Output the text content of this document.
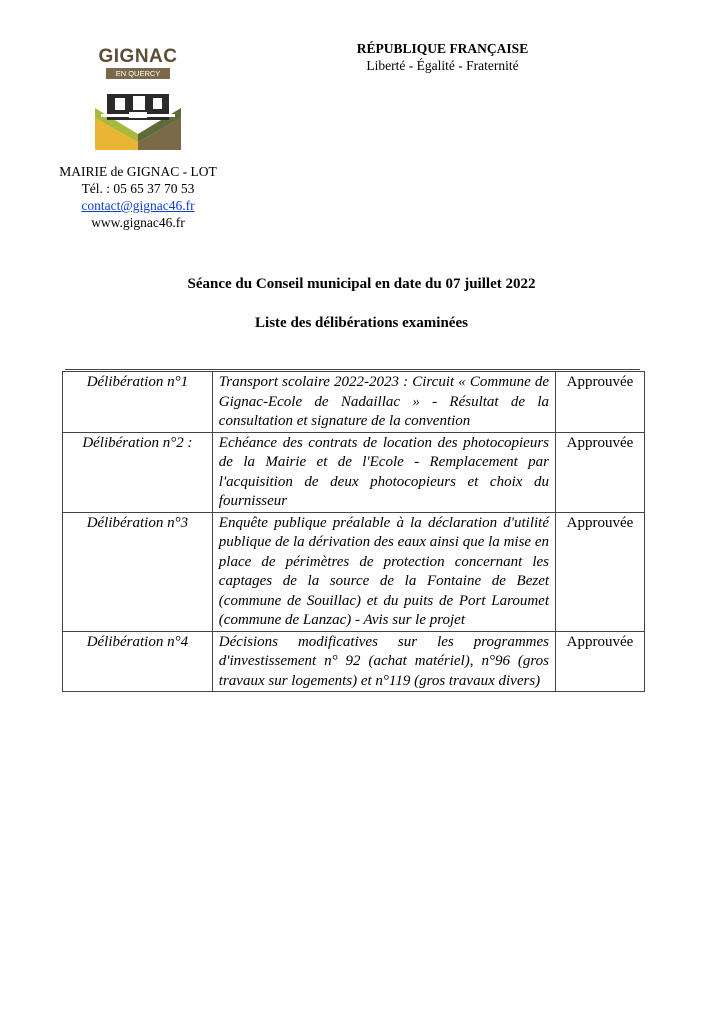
GIGNAC
EN QUERCY
MAIRIE de GIGNAC - LOT
Tél. : 05 65 37 70 53
contact@gignac46.fr
www.gignac46.fr
RÉPUBLIQUE FRANÇAISE
Liberté - Égalité - Fraternité
Séance du Conseil municipal en date du 07 juillet 2022
Liste des délibérations examinées
Délibération n°1	Transport scolaire 2022-2023 : Circuit « Commune de Gignac-Ecole de Nadaillac » - Résultat de la consultation et signature de la convention	Approuvée
Délibération n°2 :	Echéance des contrats de location des photocopieurs de la Mairie et de l'Ecole - Remplacement par l'acquisition de deux photocopieurs et choix du fournisseur	Approuvée
Délibération n°3	Enquête publique préalable à la déclaration d'utilité publique de la dérivation des eaux ainsi que la mise en place de périmètres de protection concernant les captages de la source de la Fontaine de Bezet (commune de Souillac) et du puits de Port Laroumet (commune de Lanzac) - Avis sur le projet	Approuvée
Délibération n°4	Décisions modificatives sur les programmes d'investissement n° 92 (achat matériel), n°96 (gros travaux sur logements) et n°119 (gros travaux divers)	Approuvée
